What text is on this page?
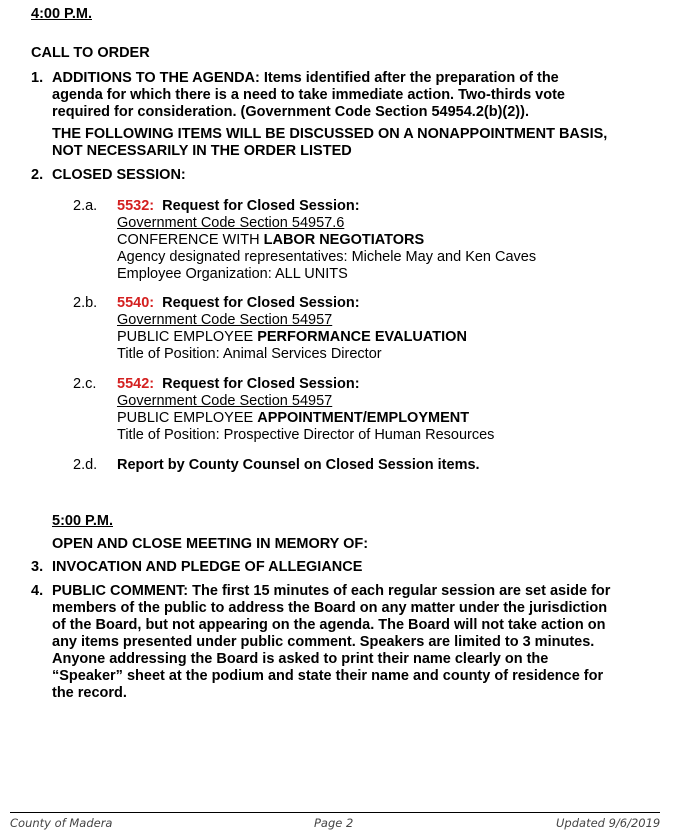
4:00 P.M.
CALL TO ORDER
1. ADDITIONS TO THE AGENDA: Items identified after the preparation of the
agenda for which there is a need to take immediate action. Two-thirds vote
required for consideration. (Government Code Section 54954.2(b)(2)).
THE FOLLOWING ITEMS WILL BE DISCUSSED ON A NONAPPOINTMENT BASIS,
NOT NECESSARILY IN THE ORDER LISTED
2. CLOSED SESSION:
2.a. 5532: Request for Closed Session:
Government Code Section 54957.6
CONFERENCE WITH LABOR NEGOTIATORS
Agency designated representatives: Michele May and Ken Caves
Employee Organization: ALL UNITS
2.b. 5540: Request for Closed Session:
Government Code Section 54957
PUBLIC EMPLOYEE PERFORMANCE EVALUATION
Title of Position: Animal Services Director
2.c. 5542: Request for Closed Session:
Government Code Section 54957
PUBLIC EMPLOYEE APPOINTMENT/EMPLOYMENT
Title of Position: Prospective Director of Human Resources
2.d. Report by County Counsel on Closed Session items.
5:00 P.M.
OPEN AND CLOSE MEETING IN MEMORY OF:
3. INVOCATION AND PLEDGE OF ALLEGIANCE
4. PUBLIC COMMENT: The first 15 minutes of each regular session are set aside for
members of the public to address the Board on any matter under the jurisdiction
of the Board, but not appearing on the agenda. The Board will not take action on
any items presented under public comment. Speakers are limited to 3 minutes.
Anyone addressing the Board is asked to print their name clearly on the
“Speaker” sheet at the podium and state their name and county of residence for
the record.
County of Madera	Page 2	Updated 9/6/2019
